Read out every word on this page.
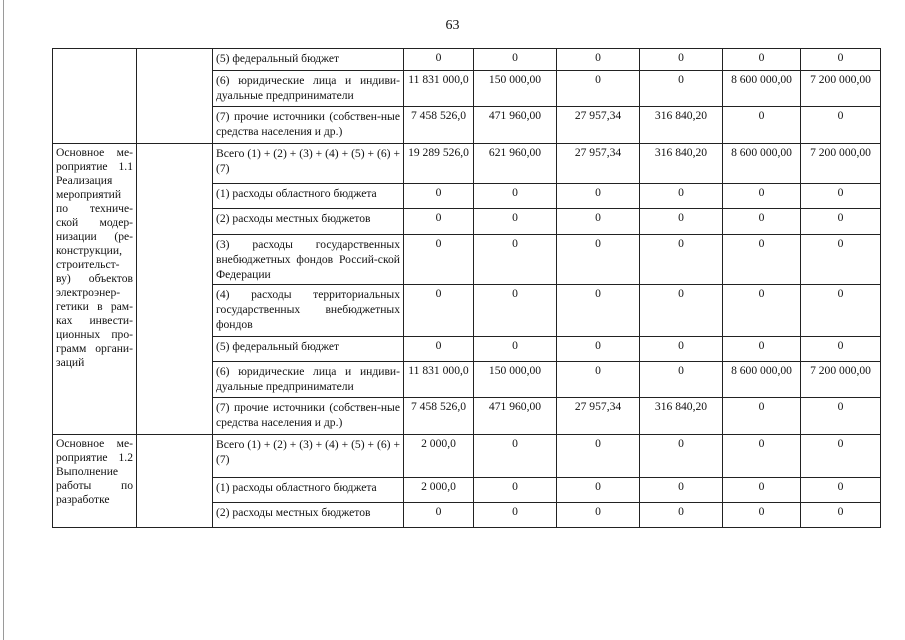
63
		(5) федеральный бюджет	0	0	0	0	0	0
		(6) юридические лица и индиви-дуальные предприниматели	11 831 000,0	150 000,00	0	0	8 600 000,00	7 200 000,00
		(7) прочие источники (собствен-ные средства населения и др.)	7 458 526,0	471 960,00	27 957,34	316 840,20	0	0
Основное ме-роприятие 1.1 Реализация мероприятий по техниче-ской модер-низации (ре-конструкции, строительст-ву) объектов электроэнер-гетики в рам-ках инвести-ционных про-грамм органи-заций		Всего (1) + (2) + (3) + (4) + (5) + (6) + (7)	19 289 526,0	621 960,00	27 957,34	316 840,20	8 600 000,00	7 200 000,00
		(1) расходы областного бюджета	0	0	0	0	0	0
		(2) расходы местных бюджетов	0	0	0	0	0	0
		(3) расходы государственных внебюджетных фондов Россий-ской Федерации	0	0	0	0	0	0
		(4) расходы территориальных государственных внебюджетных фондов	0	0	0	0	0	0
		(5) федеральный бюджет	0	0	0	0	0	0
		(6) юридические лица и индиви-дуальные предприниматели	11 831 000,0	150 000,00	0	0	8 600 000,00	7 200 000,00
		(7) прочие источники (собствен-ные средства населения и др.)	7 458 526,0	471 960,00	27 957,34	316 840,20	0	0
Основное ме-роприятие 1.2 Выполнение работы по разработке		Всего (1) + (2) + (3) + (4) + (5) + (6) + (7)	2 000,0	0	0	0	0	0
		(1) расходы областного бюджета	2 000,0	0	0	0	0	0
		(2) расходы местных бюджетов	0	0	0	0	0	0
